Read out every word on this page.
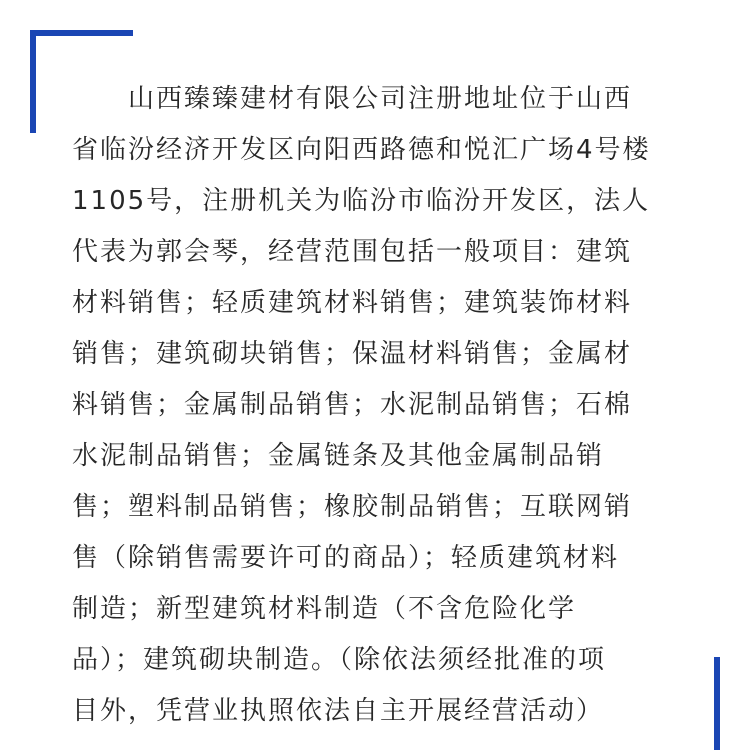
山西臻臻建材有限公司注册地址位于山西
省临汾经济开发区向阳西路德和悦汇广场4号楼
1105号，注册机关为临汾市临汾开发区，法人
代表为郭会琴，经营范围包括一般项目：建筑
材料销售；轻质建筑材料销售；建筑装饰材料
销售；建筑砌块销售；保温材料销售；金属材
料销售；金属制品销售；水泥制品销售；石棉
水泥制品销售；金属链条及其他金属制品销
售；塑料制品销售；橡胶制品销售；互联网销
售（除销售需要许可的商品）；轻质建筑材料
制造；新型建筑材料制造（不含危险化学
品）；建筑砌块制造。（除依法须经批准的项
目外，凭营业执照依法自主开展经营活动）
